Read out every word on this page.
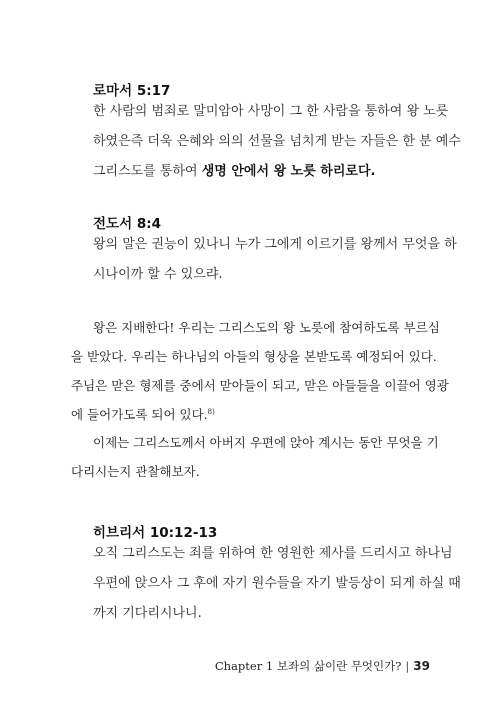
로마서 5:17
한 사람의 범죄로 말미암아 사망이 그 한 사람을 통하여 왕 노릇
하였은즉 더욱 은혜와 의의 선물을 넘치게 받는 자들은 한 분 예수
그리스도를 통하여 생명 안에서 왕 노릇 하리로다.
전도서 8:4
왕의 말은 권능이 있나니 누가 그에게 이르기를 왕께서 무엇을 하
시나이까 할 수 있으랴.
왕은 지배한다! 우리는 그리스도의 왕 노릇에 참여하도록 부르심
을 받았다. 우리는 하나님의 아들의 형상을 본받도록 예정되어 있다.
주님은 맏은 형제를 중에서 맏아들이 되고, 맏은 아들들을 이끌어 영광
에 들어가도록 되어 있다.$^{8)}$
이제는 그리스도께서 아버지 우편에 앉아 계시는 동안 무엇을 기
다리시는지 관찰해보자.
히브리서 10:12-13
오직 그리스도는 죄를 위하여 한 영원한 제사를 드리시고 하나님
우편에 앉으사 그 후에 자기 원수들을 자기 발등상이 되게 하실 때
까지 기다리시나니.
Chapter 1 보좌의 삶이란 무엇인가? | 39
